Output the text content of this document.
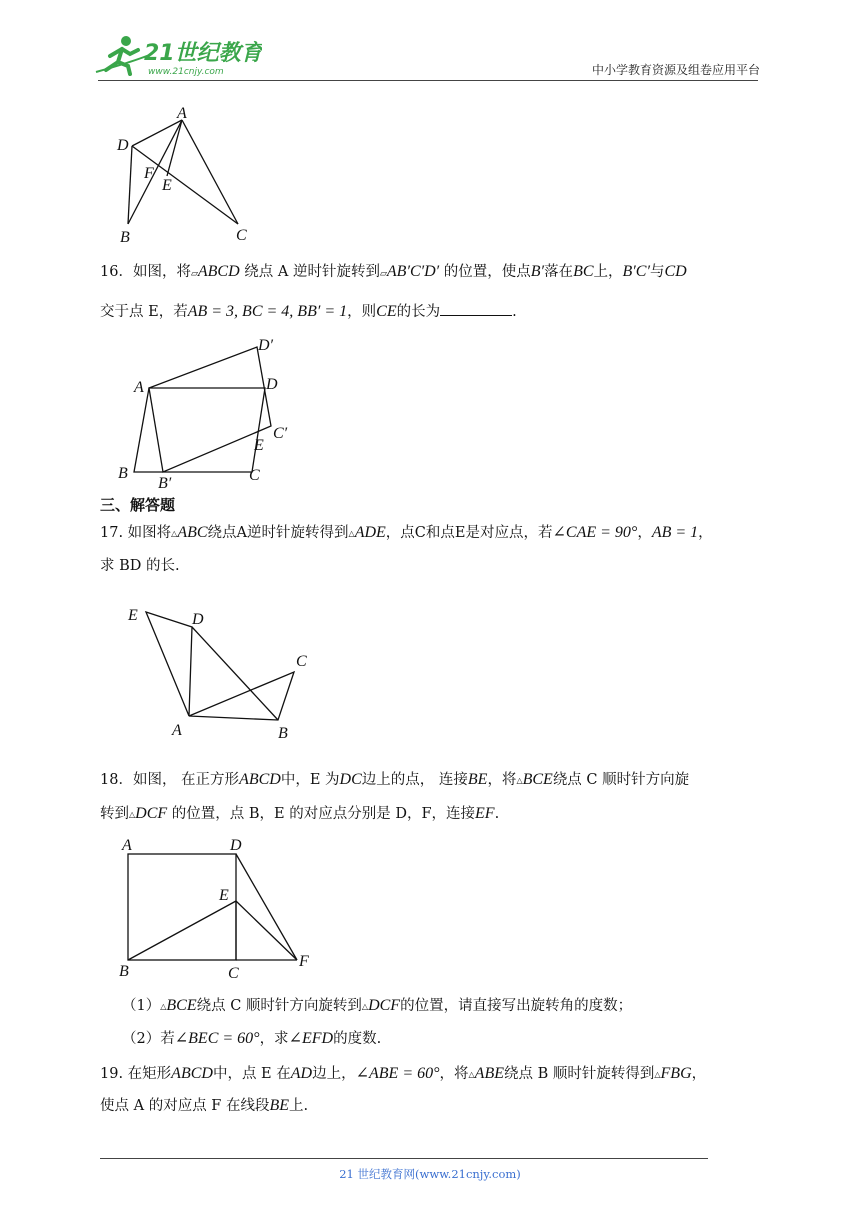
21世纪教育
www.21cnjy.com	中小学教育资源及组卷应用平台
A
D
F
E
B	C
16．如图，将▱ABCD 绕点 A 逆时针旋转到▱AB′C′D′ 的位置，使点B′落在BC上，B′C′与CD
交于点 E，若AB = 3, BC = 4, BB′ = 1，则CE的长为	.
D′
A	D
C′
E
B
B′	C
三、解答题
17. 如图将△ABC绕点A逆时针旋转得到△ADE，点C和点E是对应点，若∠CAE = 90°，AB = 1，
求 BD 的长.
E	D
C
A	B
18．如图， 在正方形ABCD中，E 为DC边上的点， 连接BE，将△BCE绕点 C 顺时针方向旋
转到△DCF 的位置，点 B，E 的对应点分别是 D，F，连接EF.
A	D
E
B	C
F
（1）△BCE绕点 C 顺时针方向旋转到△DCF的位置，请直接写出旋转角的度数；
（2）若∠BEC = 60°，求∠EFD的度数.
19. 在矩形ABCD中，点 E 在AD边上，∠ABE = 60°，将△ABE绕点 B 顺时针旋转得到△FBG，
使点 A 的对应点 F 在线段BE上.
21 世纪教育网(www.21cnjy.com)
